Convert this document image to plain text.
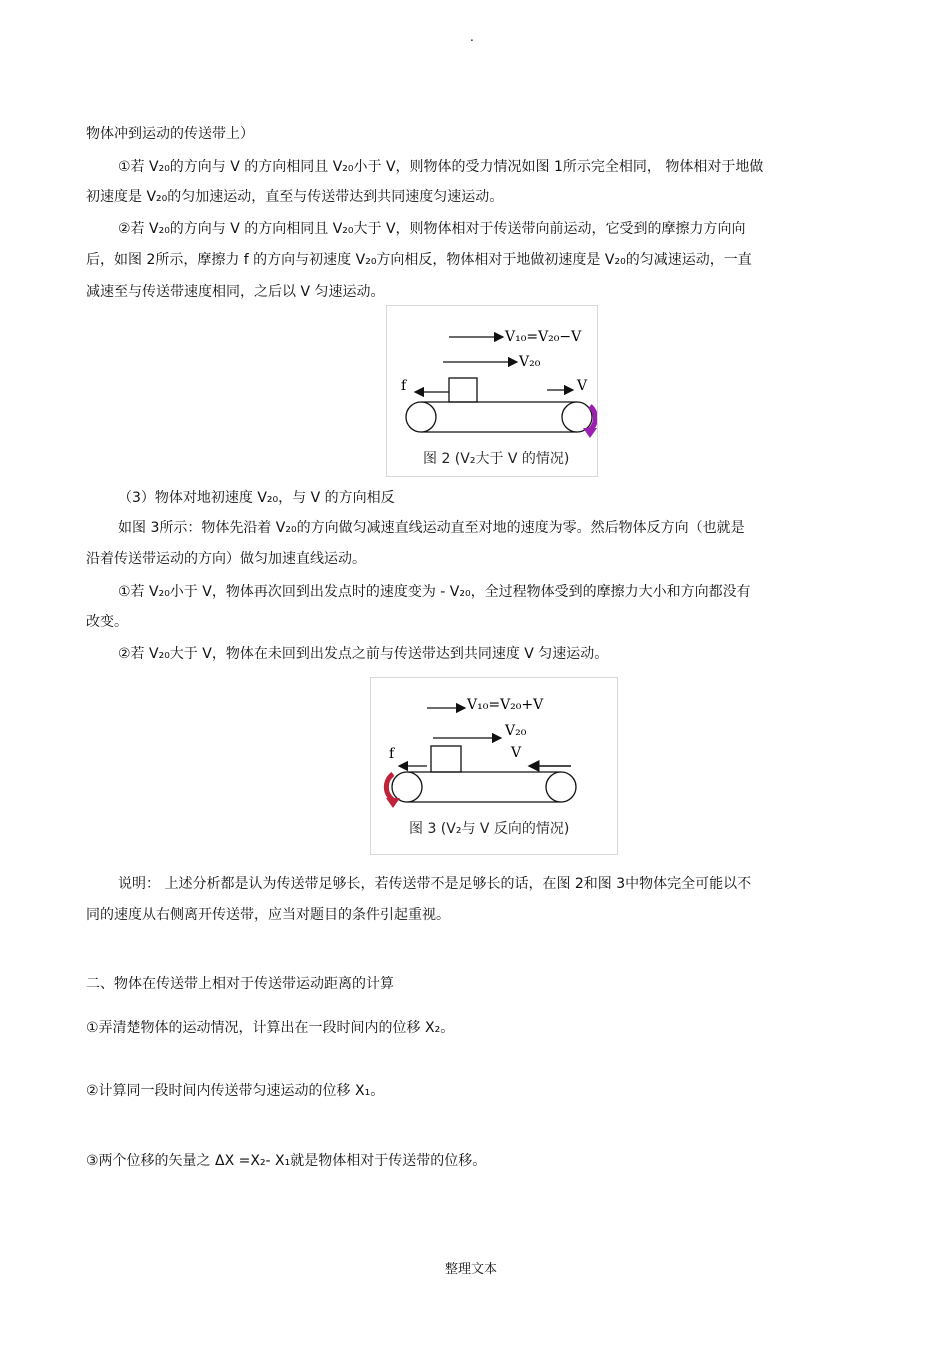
.
物体冲到运动的传送带上）
①若 V₂₀的方向与 V 的方向相同且 V₂₀小于 V，则物体的受力情况如图 1所示完全相同， 物体相对于地做
初速度是 V₂₀的匀加速运动，直至与传送带达到共同速度匀速运动。
②若 V₂₀的方向与 V 的方向相同且 V₂₀大于 V，则物体相对于传送带向前运动，它受到的摩擦力方向向
后，如图 2所示，摩擦力 f 的方向与初速度 V₂₀方向相反，物体相对于地做初速度是 V₂₀的匀减速运动，一直
减速至与传送带速度相同，之后以 V 匀速运动。
V₁₀=V₂₀−V
V₂₀
f	V
图 2 (V₂大于 V 的情况)
（3）物体对地初速度 V₂₀，与 V 的方向相反
如图 3所示：物体先沿着 V₂₀的方向做匀减速直线运动直至对地的速度为零。然后物体反方向（也就是
沿着传送带运动的方向）做匀加速直线运动。
①若 V₂₀小于 V，物体再次回到出发点时的速度变为 - V₂₀，全过程物体受到的摩擦力大小和方向都没有
改变。
②若 V₂₀大于 V，物体在未回到出发点之前与传送带达到共同速度 V 匀速运动。
V₁₀=V₂₀+V
V₂₀
f	V
图 3 (V₂与 V 反向的情况)
说明： 上述分析都是认为传送带足够长，若传送带不是足够长的话，在图 2和图 3中物体完全可能以不
同的速度从右侧离开传送带，应当对题目的条件引起重视。
二、物体在传送带上相对于传送带运动距离的计算
①弄清楚物体的运动情况，计算出在一段时间内的位移 X₂。
②计算同一段时间内传送带匀速运动的位移 X₁。
③两个位移的矢量之 ΔX =X₂- X₁就是物体相对于传送带的位移。
整理文本
